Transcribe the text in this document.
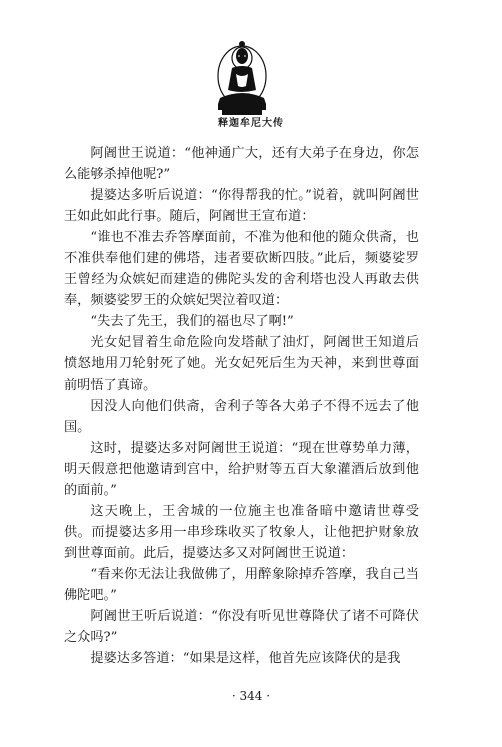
释迦牟尼大传

阿阇世王说道：“他神通广大，还有大弟子在身边，你怎么能够杀掉他呢?”

提婆达多听后说道：“你得帮我的忙。”说着，就叫阿阇世王如此如此行事。随后，阿阇世王宣布道：

“谁也不准去乔答摩面前，不准为他和他的随众供斋，也不准供奉他们建的佛塔，违者要砍断四肢。”此后，频婆娑罗王曾经为众嫔妃而建造的佛陀头发的舍利塔也没人再敢去供奉，频婆娑罗王的众嫔妃哭泣着叹道：

“失去了先王，我们的福也尽了啊!”

光女妃冒着生命危险向发塔献了油灯，阿阇世王知道后愤怒地用刀轮射死了她。光女妃死后生为天神，来到世尊面前明悟了真谛。

因没人向他们供斋，舍利子等各大弟子不得不远去了他国。

这时，提婆达多对阿阇世王说道：“现在世尊势单力薄，明天假意把他邀请到宫中，给护财等五百大象灌酒后放到他的面前。”

这天晚上，王舍城的一位施主也准备暗中邀请世尊受供。而提婆达多用一串珍珠收买了牧象人，让他把护财象放到世尊面前。此后，提婆达多又对阿阇世王说道：

“看来你无法让我做佛了，用醉象除掉乔答摩，我自己当佛陀吧。”

阿阇世王听后说道：“你没有听见世尊降伏了诸不可降伏之众吗?”

提婆达多答道：“如果是这样，他首先应该降伏的是我

· 344 ·
